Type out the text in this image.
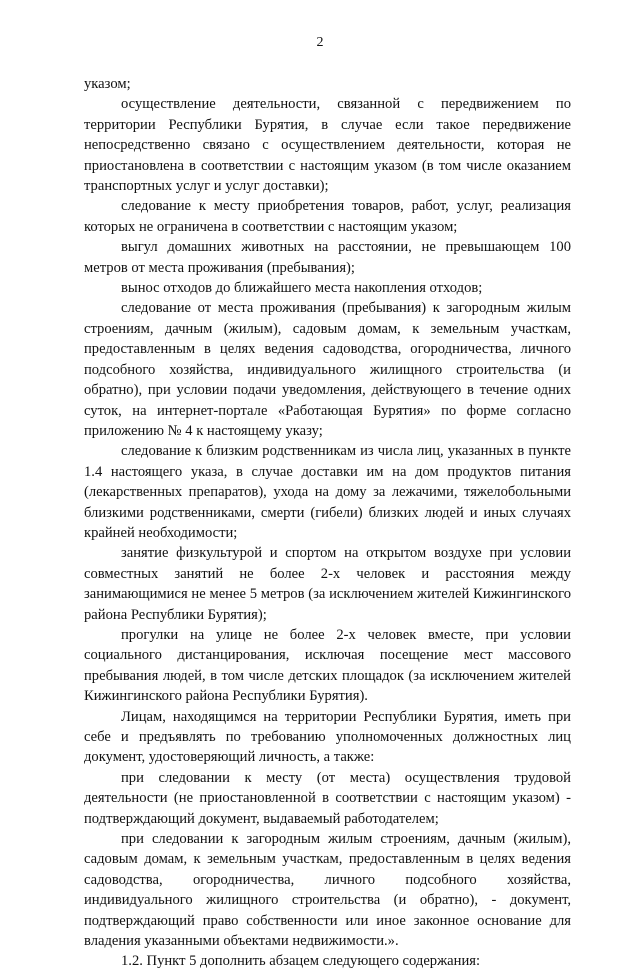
2

указом;

осуществление деятельности, связанной с передвижением по территории Республики Бурятия, в случае если такое передвижение непосредственно связано с осуществлением деятельности, которая не приостановлена в соответствии с настоящим указом (в том числе оказанием транспортных услуг и услуг доставки);

следование к месту приобретения товаров, работ, услуг, реализация которых не ограничена в соответствии с настоящим указом;

выгул домашних животных на расстоянии, не превышающем 100 метров от места проживания (пребывания);

вынос отходов до ближайшего места накопления отходов;

следование от места проживания (пребывания) к загородным жилым строениям, дачным (жилым), садовым домам, к земельным участкам, предоставленным в целях ведения садоводства, огородничества, личного подсобного хозяйства, индивидуального жилищного строительства (и обратно), при условии подачи уведомления, действующего в течение одних суток, на интернет-портале «Работающая Бурятия» по форме согласно приложению № 4 к настоящему указу;

следование к близким родственникам из числа лиц, указанных в пункте 1.4 настоящего указа, в случае доставки им на дом продуктов питания (лекарственных препаратов), ухода на дому за лежачими, тяжелобольными близкими родственниками, смерти (гибели) близких людей и иных случаях крайней необходимости;

занятие физкультурой и спортом на открытом воздухе при условии совместных занятий не более 2-х человек и расстояния между занимающимися не менее 5 метров (за исключением жителей Кижингинского района Республики Бурятия);

прогулки на улице не более 2-х человек вместе, при условии социального дистанцирования, исключая посещение мест массового пребывания людей, в том числе детских площадок (за исключением жителей Кижингинского района Республики Бурятия).

Лицам, находящимся на территории Республики Бурятия, иметь при себе и предъявлять по требованию уполномоченных должностных лиц документ, удостоверяющий личность, а также:

при следовании к месту (от места) осуществления трудовой деятельности (не приостановленной в соответствии с настоящим указом) - подтверждающий документ, выдаваемый работодателем;

при следовании к загородным жилым строениям, дачным (жилым), садовым домам, к земельным участкам, предоставленным в целях ведения садоводства, огородничества, личного подсобного хозяйства, индивидуального жилищного строительства (и обратно), - документ, подтверждающий право собственности или иное законное основание для владения указанными объектами недвижимости.».

1.2. Пункт 5 дополнить абзацем следующего содержания:
